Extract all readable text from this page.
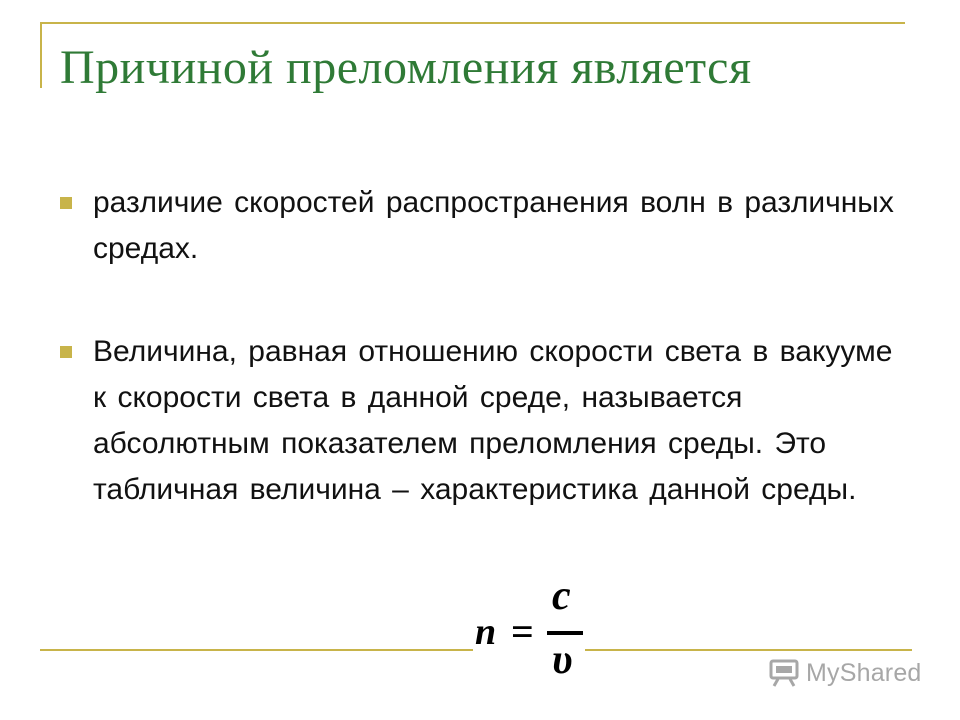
Причиной преломления является
различие скоростей распространения волн в различных средах.
Величина, равная отношению скорости света в вакууме к скорости света в данной среде, называется абсолютным показателем преломления среды. Это табличная величина – характеристика данной среды.
n =
c
υ	MyShared
